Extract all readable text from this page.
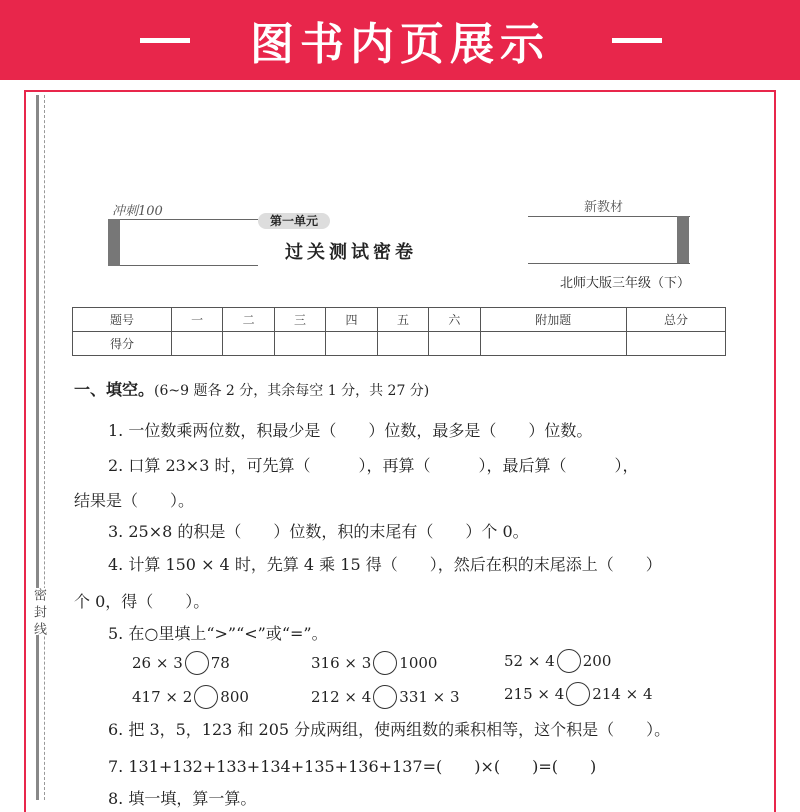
图书内页展示
密 封 线
冲刺100
第一单元
过关测试密卷
新教材
北师大版三年级（下）
题号	一	二	三	四	五	六	附加题	总分
得分								
一、填空。(6~9 题各 2 分，其余每空 1 分，共 27 分)
1. 一位数乘两位数，积最少是（　　）位数，最多是（　　）位数。
2. 口算 23×3 时，可先算（　　　），再算（　　　），最后算（　　　），
结果是（　　）。
3. 25×8 的积是（　　）位数，积的末尾有（　　）个 0。
4. 计算 150 × 4 时，先算 4 乘 15 得（　　），然后在积的末尾添上（　　）
个 0，得（　　）。
5. 在○里填上“>”“<”或“=”。
26 × 3 78	316 × 3 1000	52 × 4 200
417 × 2 800	212 × 4 331 × 3	215 × 4 214 × 4
6. 把 3，5，123 和 205 分成两组，使两组数的乘积相等，这个积是（　　）。
7. 131+132+133+134+135+136+137=(　　)×(　　)=(　　)
8. 填一填，算一算。
